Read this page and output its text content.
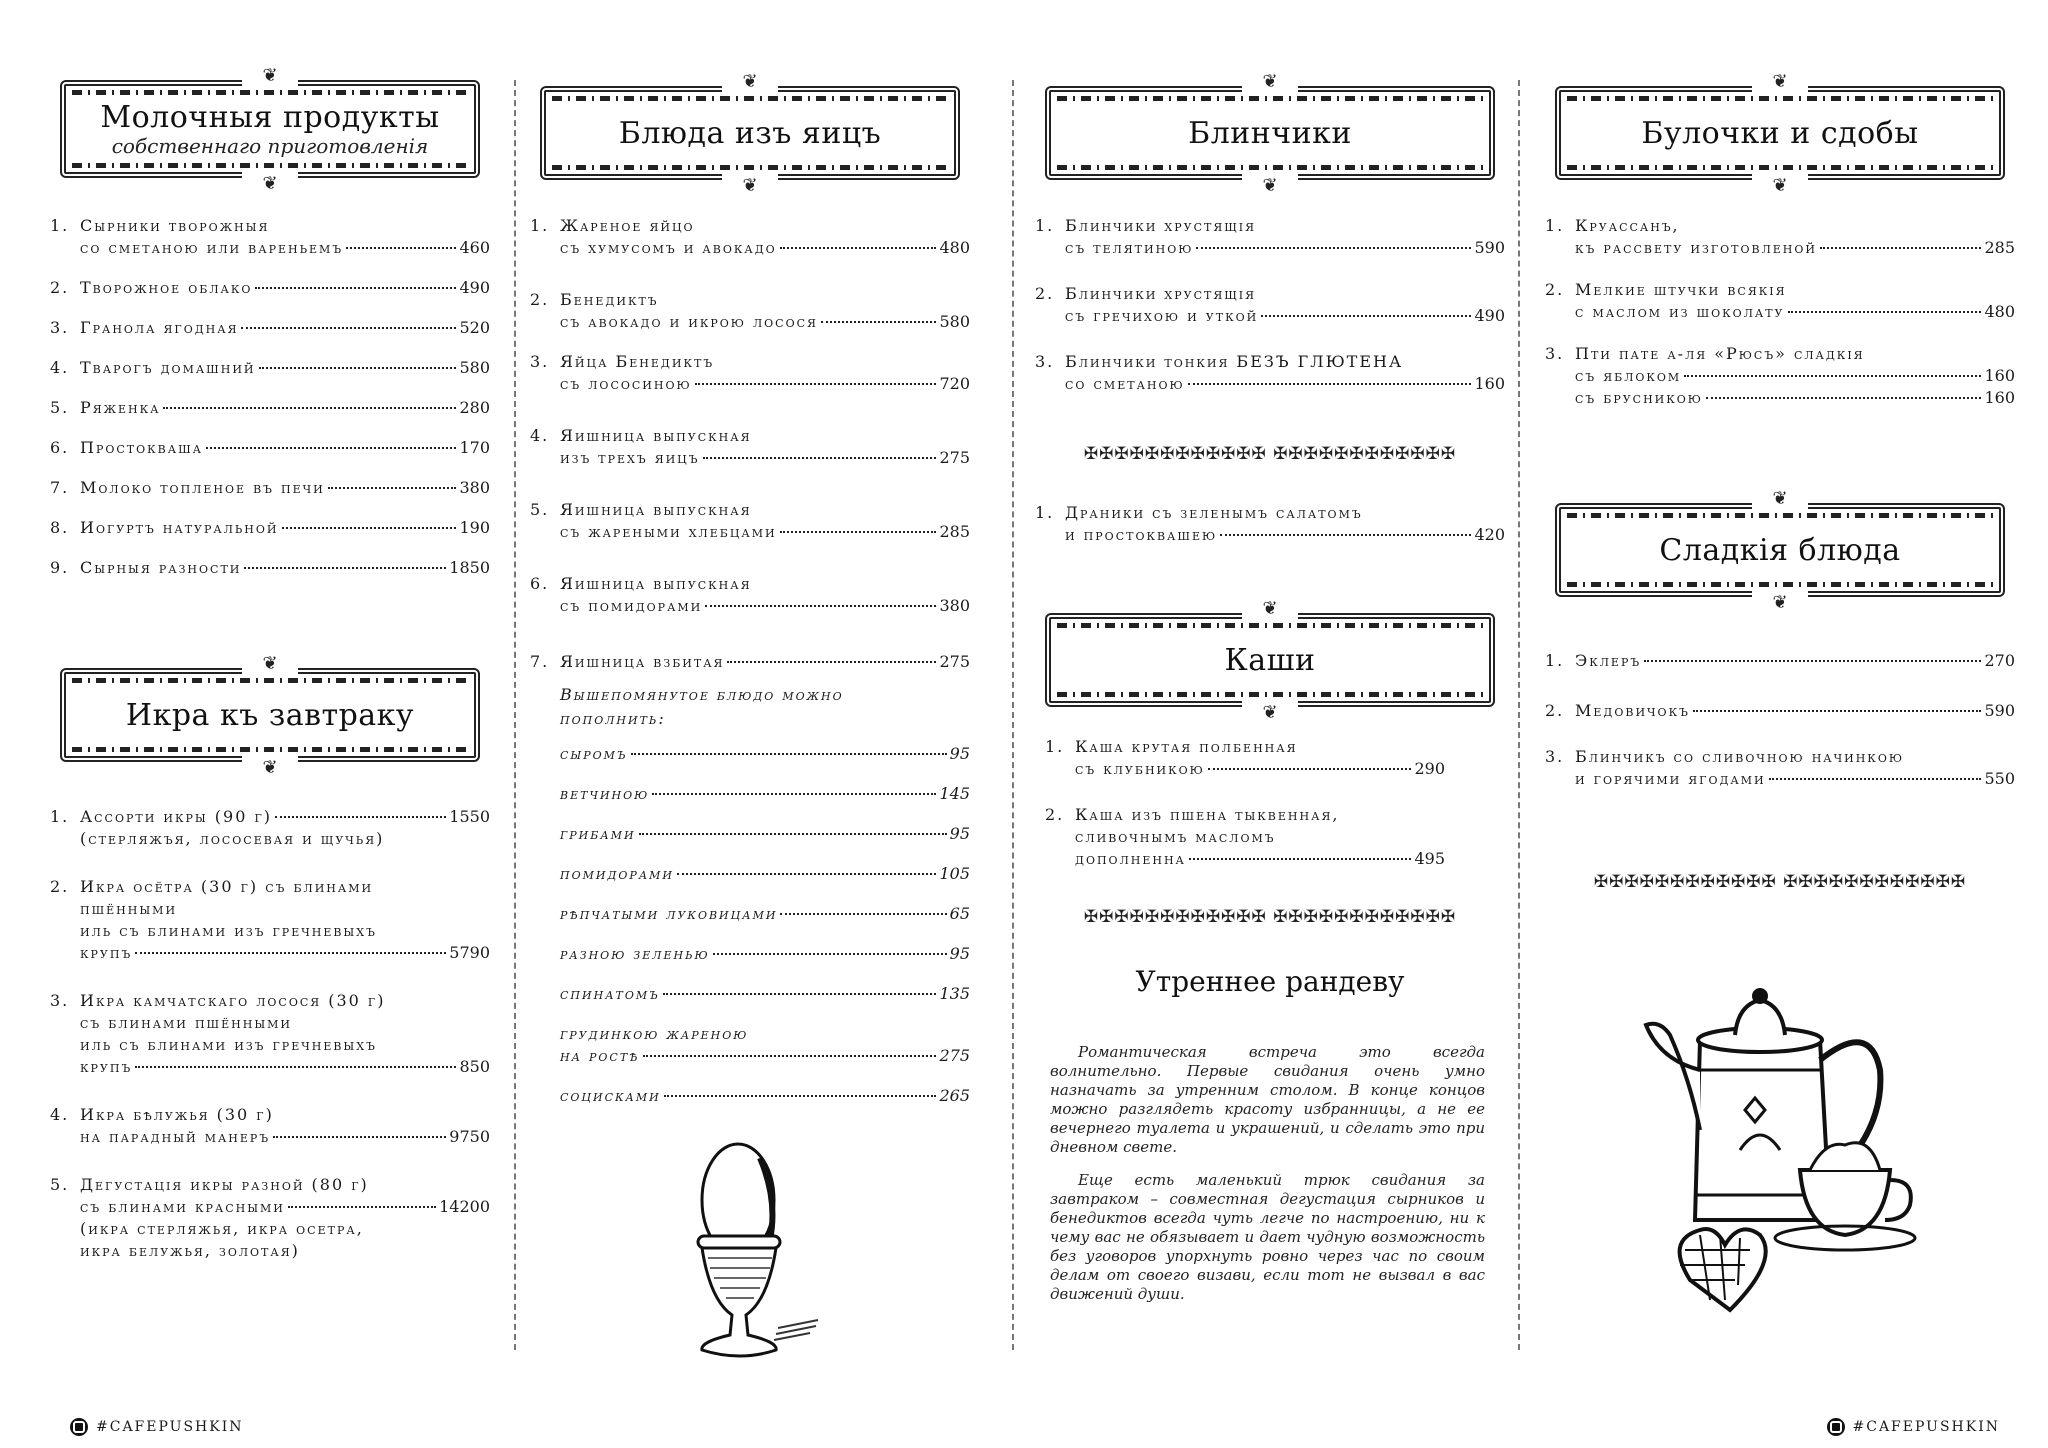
❦
Молочныя продукты
собственнаго приготовленія
❦
1. Сырники творожныя
со сметаною или вареньемъ	460
2. Творожное облако	490
3. Гранола ягодная	520
4. Тварогъ домашний	580
5. Ряженка	280
6. Простокваша	170
7. Молоко топленое въ печи	380
8. Иогуртъ натуральной	190
9. Сырныя разности	1850
❦
Икра къ завтраку
❦
1. Ассорти икры (90 г)	1550
(стерляжъя, лососевая и щучья)
2. Икра осётра (30 г) съ блинами
пшёнными
иль съ блинами изъ гречневыхъ
крупъ	5790
3. Икра камчатскаго лосося (30 г)
съ блинами пшёнными
иль съ блинами изъ гречневыхъ
крупъ	850
4. Икра бѣлужья (30 г)
на парадный манеръ	9750
5. Дегустація икры разной (80 г)
съ блинами красными	14200
(икра стерляжья, икра осетра,
икра белужья, золотая)
#CAFEPUSHKIN
❦
Блюда изъ яицъ
❦
1. Жареное яйцо
съ хумусомъ и авокадо	480
2. Бенедиктъ
съ авокадо и икрою лосося	580
3. Яйца Бенедиктъ
съ лососиною	720
4. Яишница выпускная
изъ трехъ яицъ	275
5. Яишница выпускная
съ жареными хлебцами	285
6. Яишница выпускная
съ помидорами	380
7. Яишница взбитая	275
Вышепомянутое блюдо можно
пополнить:
сыромъ	95
ветчиною	145
грибами	95
помидорами	105
рѣпчатыми луковицами	65
разною зеленью	95
спинатомъ	135
грудинкою жареною
на ростѣ	275
социсками	265
❦
Блинчики
❦
1. Блинчики хрустящія
съ телятиною	590
2. Блинчики хрустящія
съ гречихою и уткой	490
3. Блинчики тонкия БЕЗЪ ГЛЮТЕНА
со сметаною	160
✠✠✠✠✠✠✠✠✠✠✠✠ ✠✠✠✠✠✠✠✠✠✠✠✠
1. Драники съ зеленымъ салатомъ
и простоквашею	420
❦
Каши
❦
1. Каша крутая полбенная
съ клубникою	290
2. Каша изъ пшена тыквенная,
сливочнымъ масломъ
дополненна	495
✠✠✠✠✠✠✠✠✠✠✠✠ ✠✠✠✠✠✠✠✠✠✠✠✠
Утреннее рандеву

Романтическая встреча это всегда волнительно. Первые свидания очень умно назначать за утренним столом. В конце концов можно разглядеть красоту избранницы, а не ее вечернего туалета и украшений, и сделать это при дневном свете.

Еще есть маленький трюк свидания за завтраком – совместная дегустация сырников и бенедиктов всегда чуть легче по настроению, ни к чему вас не обязывает и дает чудную возможность без уговоров упорхнуть ровно через час по своим делам от своего визави, если тот не вызвал в вас движений души.

❦
Булочки и сдобы
❦
1. Круассанъ,
къ рассвету изготовленой	285
2. Мелкие штучки всякія
с маслом из шоколату	480
3. Пти пате а-ля «Рюсъ» сладкія
съ яблоком	160
съ брусникою	160
❦
Сладкія блюда
❦
1. Эклеръ	270
2. Медовичокъ	590
3. Блинчикъ со сливочною начинкою
и горячими ягодами	550
✠✠✠✠✠✠✠✠✠✠✠✠ ✠✠✠✠✠✠✠✠✠✠✠✠
#CAFEPUSHKIN
